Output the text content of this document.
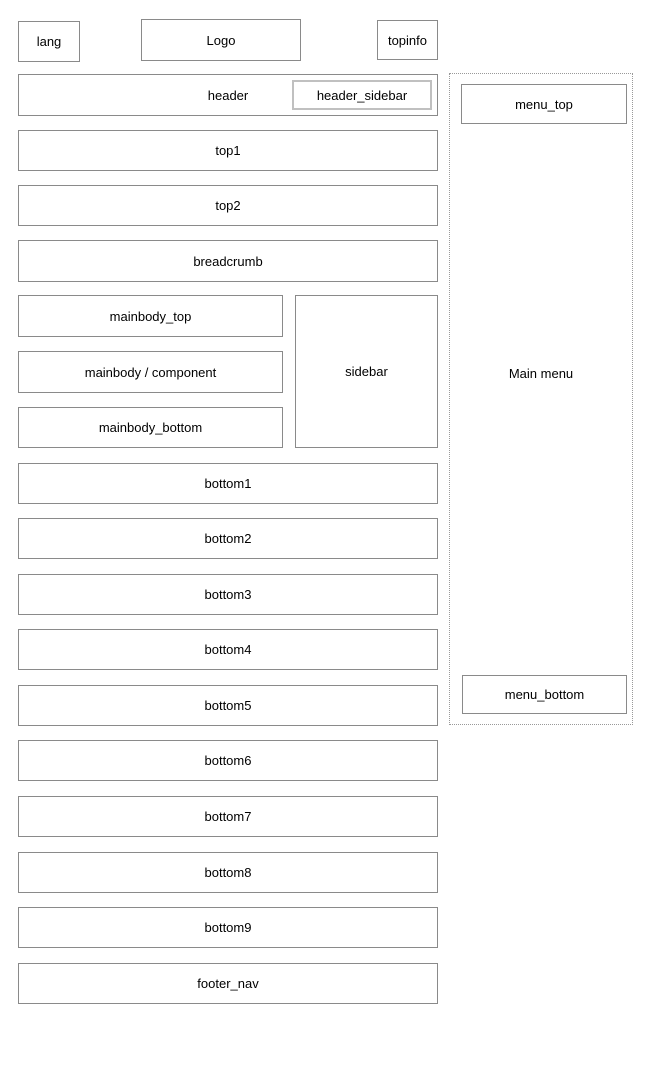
lang	Logo	topinfo
header	header_sidebar
top1
top2
breadcrumb
mainbody_top
mainbody / component
mainbody_bottom
sidebar
bottom1
bottom2
bottom3
bottom4
bottom5
bottom6
bottom7
bottom8
bottom9
footer_nav
menu_top
Main menu
menu_bottom
